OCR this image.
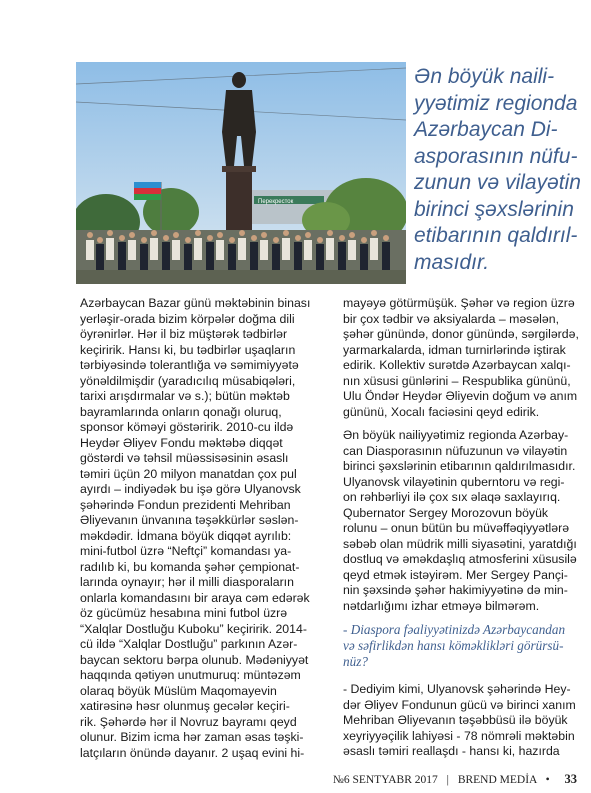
Перекресток

Ən böyük naili-

yyətimiz regionda

Azərbaycan Di-

asporasının nüfu-

zunun və vilayətin

birinci şəxslərinin

etibarının qaldırıl-

masıdır.

Azərbaycan Bazar günü məktəbinin binası

yerləşir-orada bizim körpələr doğma dili

öyrənirlər. Hər il biz müştərək tədbirlər

keçiririk. Hansı ki, bu tədbirlər uşaqların

tərbiyəsində tolerantlığa və səmimiyyətə

yönəldilmişdir (yaradıcılıq müsabiqələri,

tarixi arışdırmalar və s.); bütün məktəb

bayramlarında onların qonağı oluruq,

sponsor köməyi göstəririk. 2010-cu ildə

Heydər Əliyev Fondu məktəbə diqqət

göstərdi və təhsil müəssisəsinin əsaslı

təmiri üçün 20 milyon manatdan çox pul

ayırdı – indiyədək bu işə görə Ulyanovsk

şəhərində Fondun prezidenti Mehriban

Əliyevanın ünvanına təşəkkürlər səslən-

məkdədir. İdmana böyük diqqət ayrılıb:

mini-futbol üzrə “Neftçi” komandası ya-

radılıb ki, bu komanda şəhər çempionat-

larında oynayır; hər il milli diasporaların

onlarla komandasını bir araya cəm edərək

öz gücümüz hesabına mini futbol üzrə

“Xalqlar Dostluğu Kuboku” keçiririk. 2014-

cü ildə “Xalqlar Dostluğu” parkının Azər-

baycan sektoru bərpa olunub. Mədəniyyət

haqqında qətiyən unutmuruq: müntəzəm

olaraq böyük Müslüm Maqomayevin

xatirəsinə həsr olunmuş gecələr keçiri-

rik. Şəhərdə hər il Novruz bayramı qeyd

olunur. Bizim icma hər zaman əsas təşki-

latçıların önündə dayanır. 2 uşaq evini hi-

mayəyə götürmüşük. Şəhər və region üzrə

bir çox tədbir və aksiyalarda – məsələn,

şəhər günündə, donor günündə, sərgilərdə,

yarmarkalarda, idman turnirlərində iştirak

edirik. Kollektiv surətdə Azərbaycan xalqı-

nın xüsusi günlərini – Respublika gününü,

Ulu Öndər Heydər Əliyevin doğum və anım

gününü, Xocalı faciəsini qeyd edirik.

Ən böyük nailiyyətimiz regionda Azərbay-

can Diasporasının nüfuzunun və vilayətin

birinci şəxslərinin etibarının qaldırılmasıdır.

Ulyanovsk vilayətinin quberntoru və regi-

on rəhbərliyi ilə çox sıx əlaqə saxlayırıq.

Qubernator Sergey Morozovun böyük

rolunu – onun bütün bu müvəffəqiyyətlərə

səbəb olan müdrik milli siyasətini, yaratdığı

dostluq və əməkdaşlıq atmosferini xüsusilə

qeyd etmək istəyirəm. Mer Sergey Pançi-

nin şəxsində şəhər hakimiyyətinə də min-

nətdarlığımı izhar etməyə bilmərəm.

- Diaspora fəaliyyətinizdə Azərbaycandan

və səfirlikdən hansı köməklikləri görürsü-

nüz?

- Dediyim kimi, Ulyanovsk şəhərində Hey-

dər Əliyev Fondunun gücü və birinci xanım

Mehriban Əliyevanın təşəbbüsü ilə böyük

xeyriyyəçilik lahiyəsi - 78 nömrəli məktəbin

əsaslı təmiri reallaşdı - hansı ki, hazırda

№6 SENTYABR 2017 | BREND MEDİA • 33
